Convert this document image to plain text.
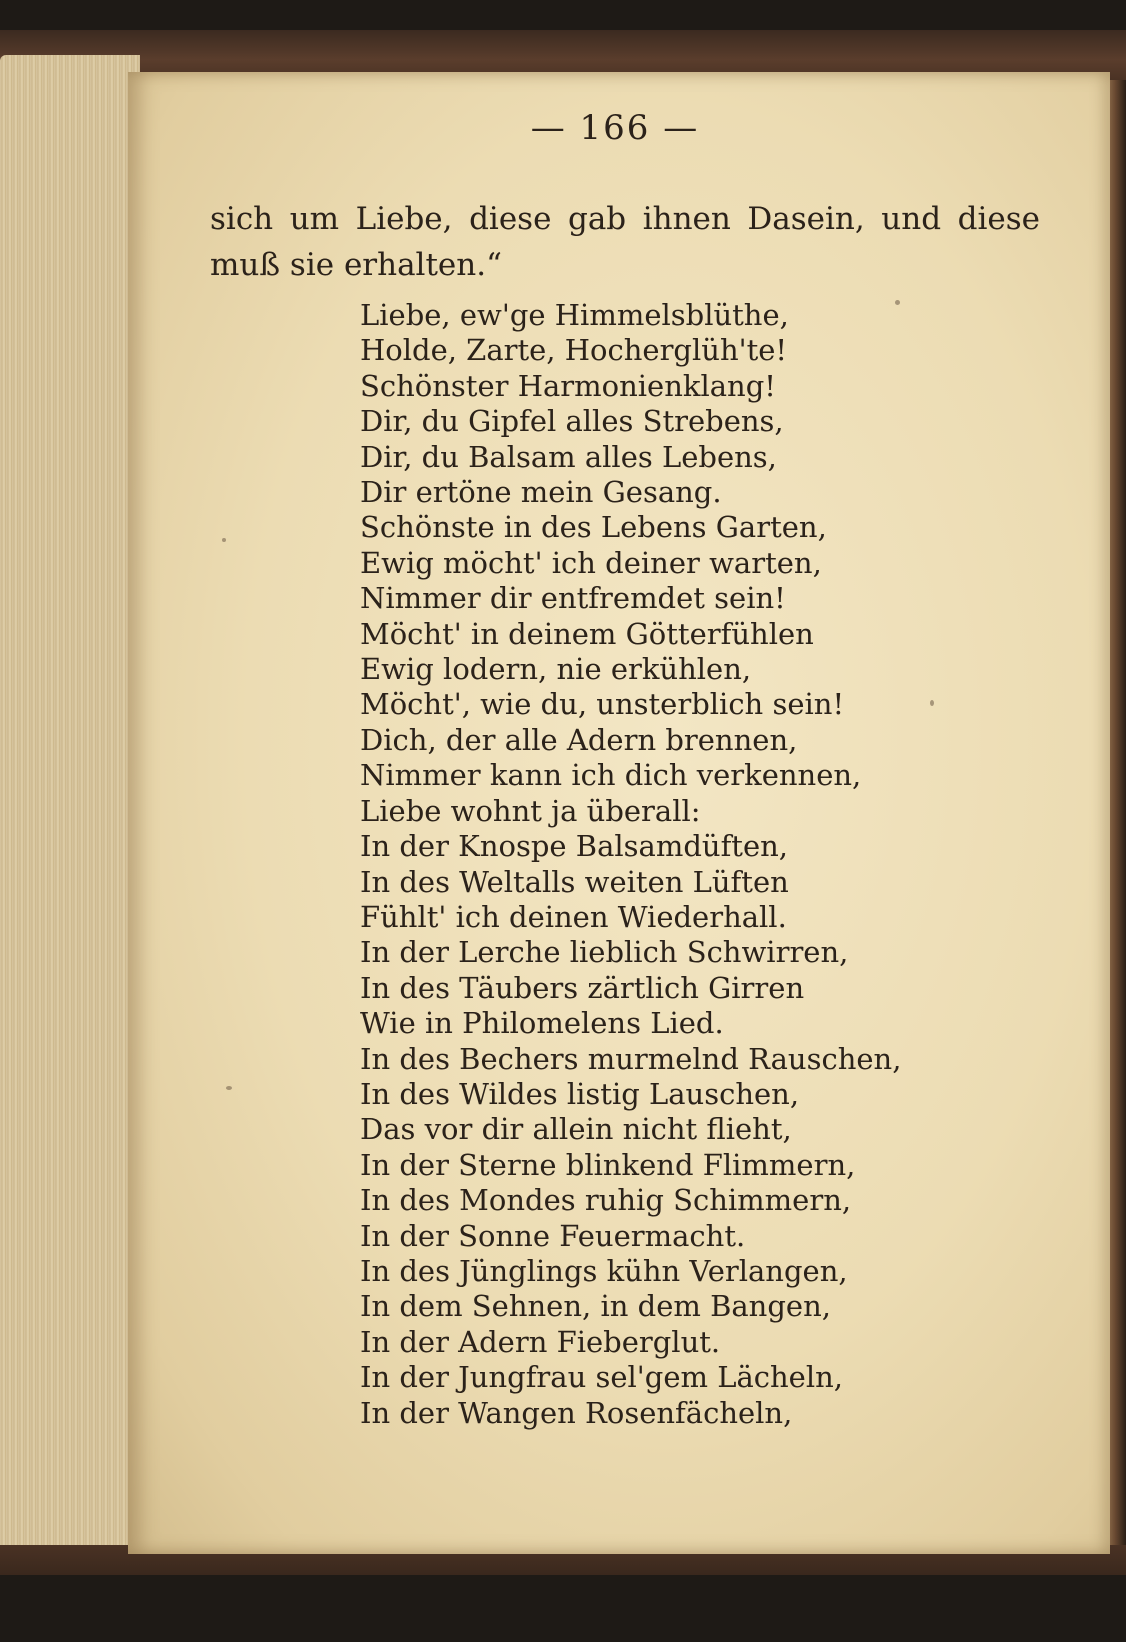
— 166 —
sich um Liebe, diese gab ihnen Dasein, und diese
muß sie erhalten.“
Liebe, ew'ge Himmelsblüthe,
Holde, Zarte, Hocherglüh'te!
Schönster Harmonienklang!
Dir, du Gipfel alles Strebens,
Dir, du Balsam alles Lebens,
Dir ertöne mein Gesang.
Schönste in des Lebens Garten,
Ewig möcht' ich deiner warten,
Nimmer dir entfremdet sein!
Möcht' in deinem Götterfühlen
Ewig lodern, nie erkühlen,
Möcht', wie du, unsterblich sein!
Dich, der alle Adern brennen,
Nimmer kann ich dich verkennen,
Liebe wohnt ja überall:
In der Knospe Balsamdüften,
In des Weltalls weiten Lüften
Fühlt' ich deinen Wiederhall.
In der Lerche lieblich Schwirren,
In des Täubers zärtlich Girren
Wie in Philomelens Lied.
In des Bechers murmelnd Rauschen,
In des Wildes listig Lauschen,
Das vor dir allein nicht flieht,
In der Sterne blinkend Flimmern,
In des Mondes ruhig Schimmern,
In der Sonne Feuermacht.
In des Jünglings kühn Verlangen,
In dem Sehnen, in dem Bangen,
In der Adern Fieberglut.
In der Jungfrau sel'gem Lächeln,
In der Wangen Rosenfächeln,
